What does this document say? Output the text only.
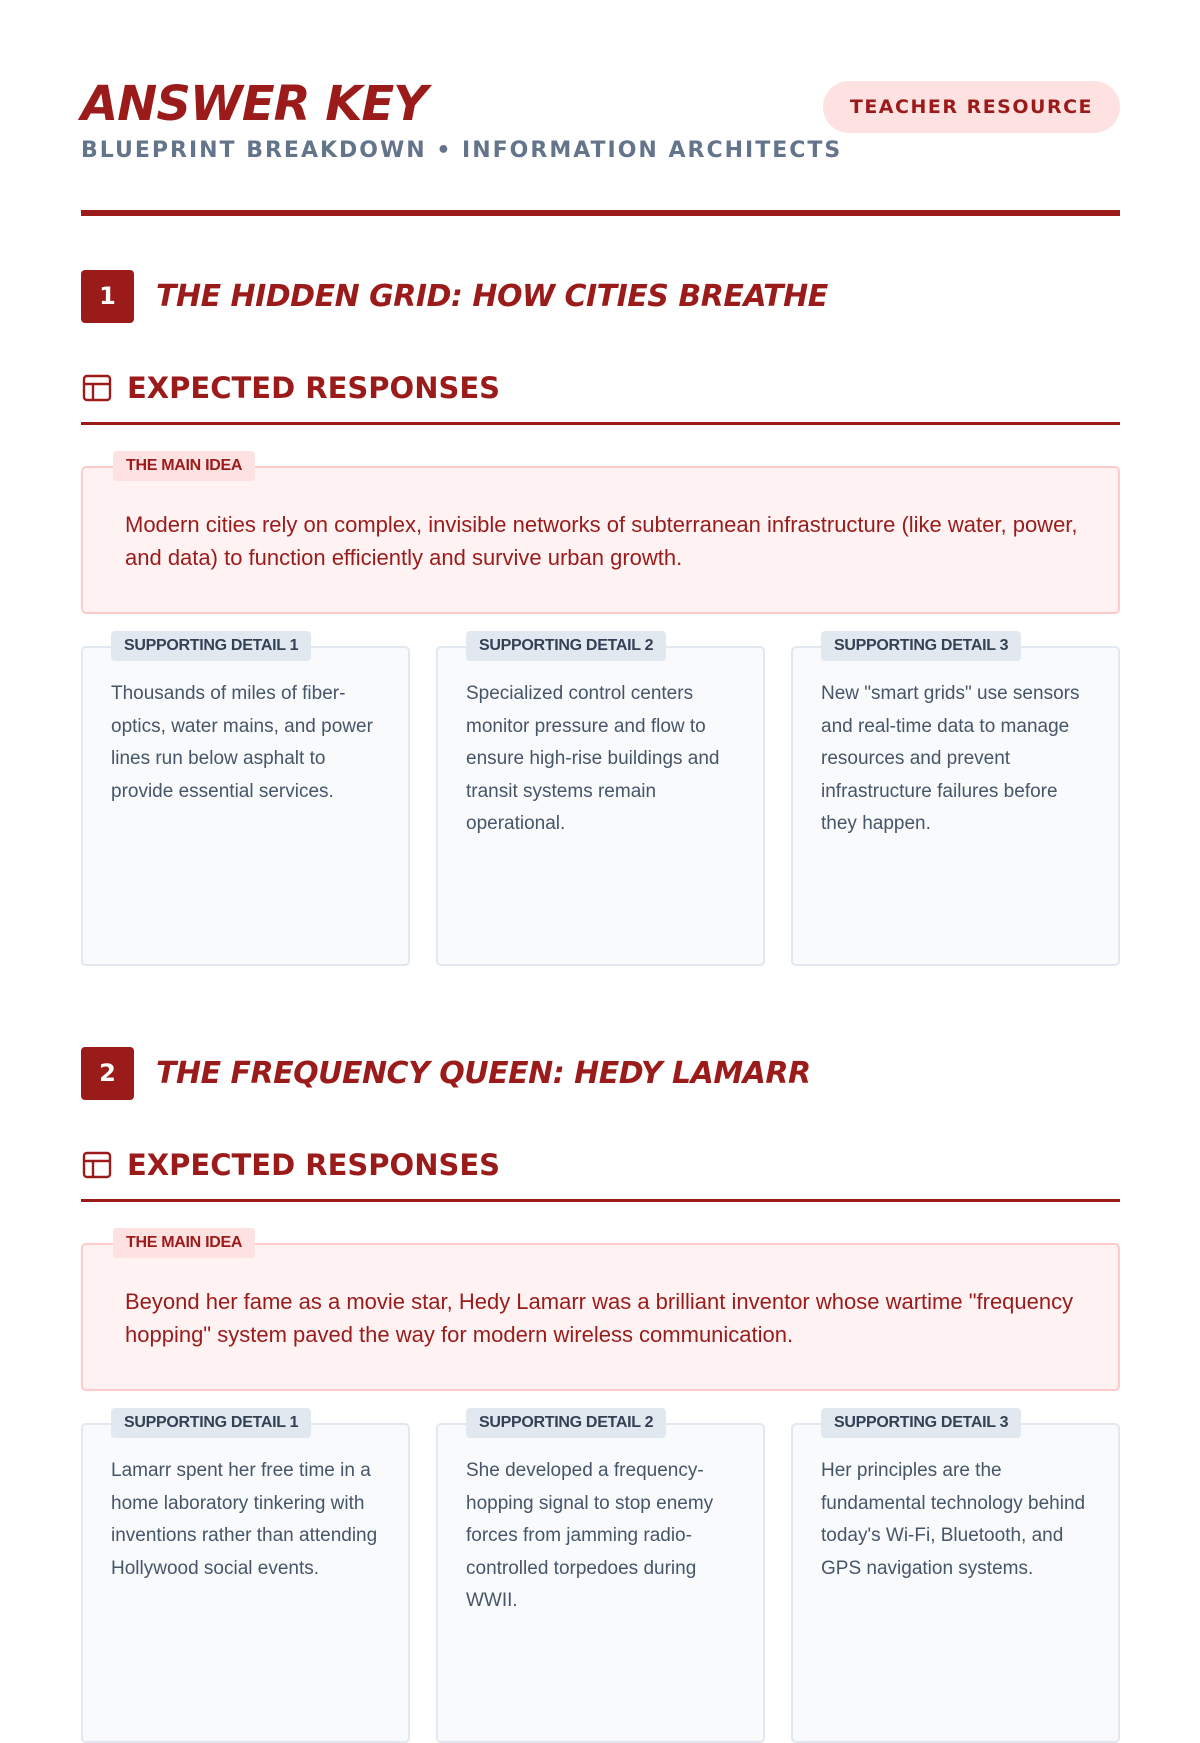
ANSWER KEY
BLUEPRINT BREAKDOWN • INFORMATION ARCHITECTS
TEACHER RESOURCE
1	THE HIDDEN GRID: HOW CITIES BREATHE
EXPECTED RESPONSES
THE MAIN IDEA

Modern cities rely on complex, invisible networks of subterranean infrastructure (like water, power, and data) to function efficiently and survive urban growth.

SUPPORTING DETAIL 1

Thousands of miles of fiber-optics, water mains, and power lines run below asphalt to provide essential services.

SUPPORTING DETAIL 2

Specialized control centers monitor pressure and flow to ensure high-rise buildings and transit systems remain operational.

SUPPORTING DETAIL 3

New "smart grids" use sensors and real-time data to manage resources and prevent infrastructure failures before they happen.

2	THE FREQUENCY QUEEN: HEDY LAMARR
EXPECTED RESPONSES
THE MAIN IDEA

Beyond her fame as a movie star, Hedy Lamarr was a brilliant inventor whose wartime "frequency hopping" system paved the way for modern wireless communication.

SUPPORTING DETAIL 1

Lamarr spent her free time in a home laboratory tinkering with inventions rather than attending Hollywood social events.

SUPPORTING DETAIL 2

She developed a frequency-hopping signal to stop enemy forces from jamming radio-controlled torpedoes during WWII.

SUPPORTING DETAIL 3

Her principles are the fundamental technology behind today's Wi-Fi, Bluetooth, and GPS navigation systems.
